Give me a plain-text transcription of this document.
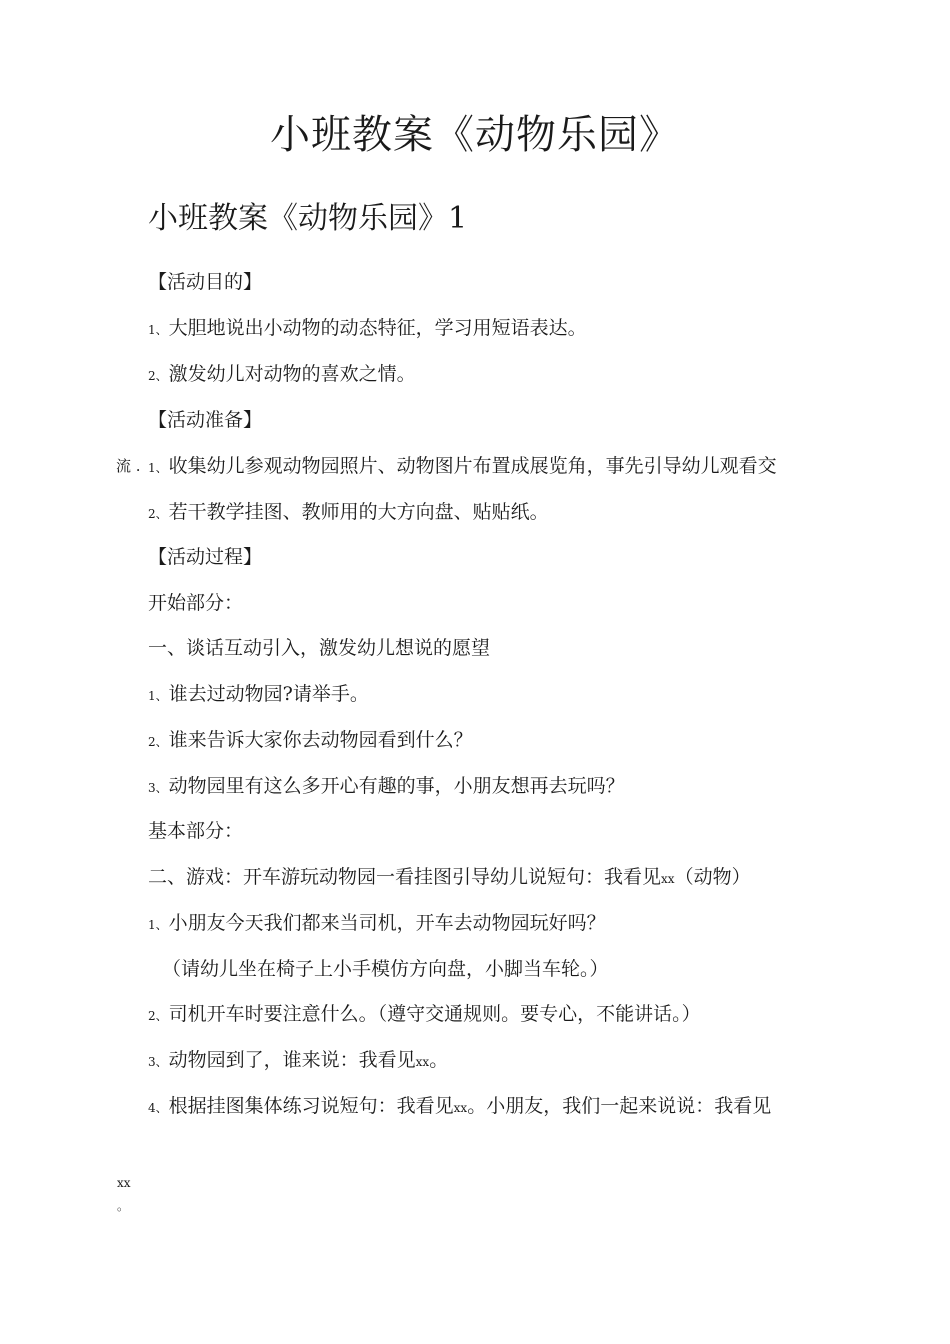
小班教案《动物乐园》
小班教案《动物乐园》1
流 .

【活动目的】

1、大胆地说出小动物的动态特征，学习用短语表达。

2、激发幼儿对动物的喜欢之情。

【活动准备】

1、收集幼儿参观动物园照片、动物图片布置成展览角，事先引导幼儿观看交

2、若干教学挂图、教师用的大方向盘、贴贴纸。

【活动过程】

开始部分：

一、谈话互动引入，激发幼儿想说的愿望

1、谁去过动物园?请举手。

2、谁来告诉大家你去动物园看到什么？

3、动物园里有这么多开心有趣的事，小朋友想再去玩吗？

基本部分：

二、游戏：开车游玩动物园一看挂图引导幼儿说短句：我看见xx（动物）

1、小朋友今天我们都来当司机，开车去动物园玩好吗？

（请幼儿坐在椅子上小手模仿方向盘，小脚当车轮。）

2、司机开车时要注意什么。（遵守交通规则。要专心，不能讲话。）

3、动物园到了，谁来说：我看见xx。

4、根据挂图集体练习说短句：我看见xx。小朋友，我们一起来说说：我看见

xx
。
